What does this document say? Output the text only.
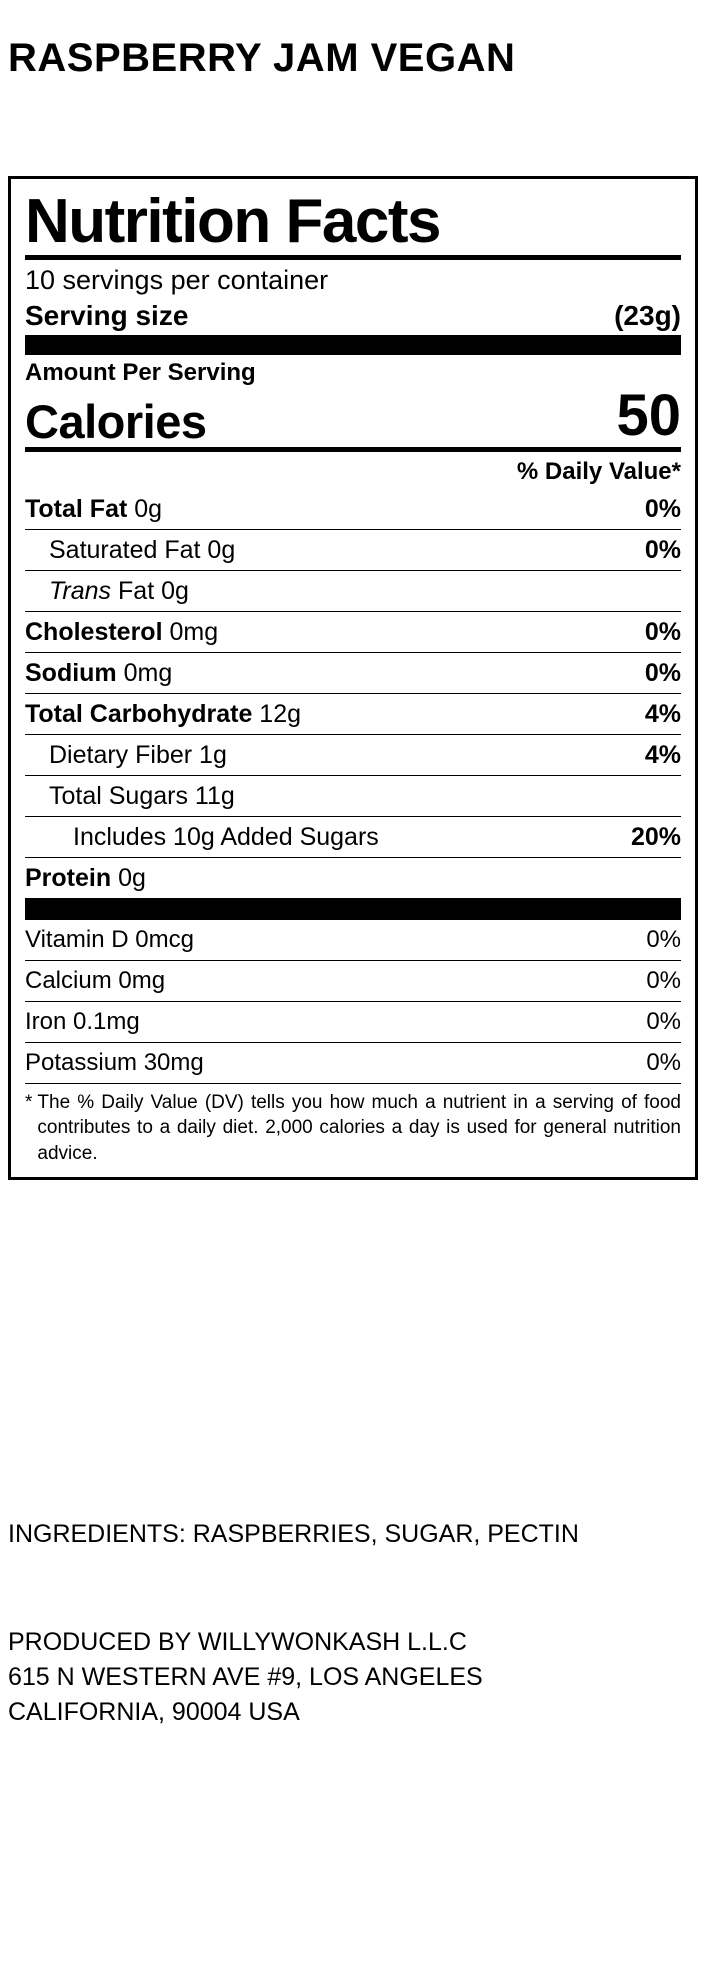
RASPBERRY JAM VEGAN
Nutrition Facts
10 servings per container
Serving size	(23g)
Amount Per Serving
Calories	50
% Daily Value*
Total Fat 0g	0%
Saturated Fat 0g	0%
Trans Fat 0g
Cholesterol 0mg	0%
Sodium 0mg	0%
Total Carbohydrate 12g	4%
Dietary Fiber 1g	4%
Total Sugars 11g
Includes 10g Added Sugars	20%
Protein 0g
Vitamin D 0mcg	0%
Calcium 0mg	0%
Iron 0.1mg	0%
Potassium 30mg	0%
* The % Daily Value (DV) tells you how much a nutrient in a serving of food contributes to a daily diet. 2,000 calories a day is used for general nutrition advice.
INGREDIENTS: RASPBERRIES, SUGAR, PECTIN
PRODUCED BY WILLYWONKASH L.L.C
615 N WESTERN AVE #9, LOS ANGELES
CALIFORNIA, 90004 USA
